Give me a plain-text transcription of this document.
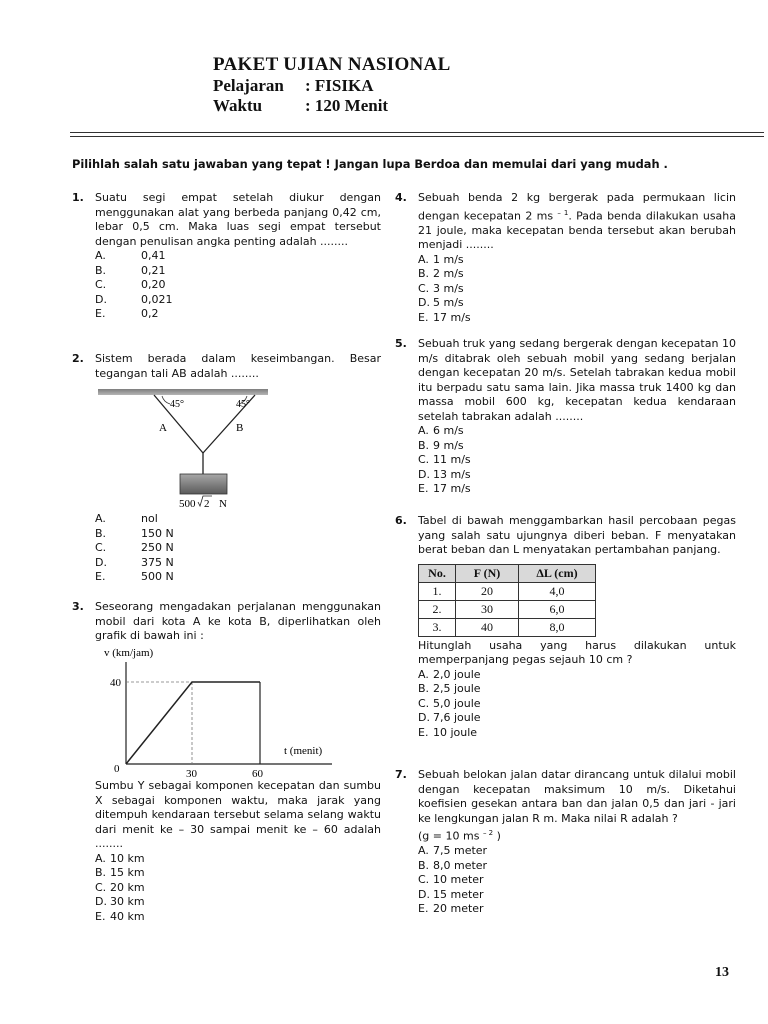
PAKET UJIAN NASIONAL
Pelajaran	: FISIKA
Waktu	: 120 Menit
Pilihlah salah satu jawaban yang tepat ! Jangan lupa Berdoa dan memulai dari yang mudah .
1. Suatu segi empat setelah diukur dengan menggunakan alat yang berbeda panjang 0,42 cm, lebar 0,5 cm. Maka luas segi empat tersebut dengan penulisan angka penting adalah ........
A.	0,41
B.	0,21
C.	0,20
D.	0,021
E.	0,2
2. Sistem berada dalam keseimbangan. Besar tegangan tali AB adalah ........
45°	45°
A	B
500 2 N
A.	nol
B.	150 N
C.	250 N
D.	375 N
E.	500 N
3. Seseorang mengadakan perjalanan menggunakan mobil dari kota A ke kota B, diperlihatkan oleh grafik di bawah ini :
v (km/jam)
40
t (menit)
0	30	60
Sumbu Y sebagai komponen kecepatan dan sumbu X sebagai komponen waktu, maka jarak yang ditempuh kendaraan tersebut selama selang waktu dari menit ke – 30 sampai menit ke – 60 adalah ........
A. 10 km
B. 15 km
C. 20 km
D. 30 km
E. 40 km
4. Sebuah benda 2 kg bergerak pada permukaan licin dengan kecepatan 2 ms $^{- 1}$. Pada benda dilakukan usaha 21 joule, maka kecepatan benda tersebut akan berubah menjadi ........
A. 1 m/s
B. 2 m/s
C. 3 m/s
D. 5 m/s
E. 17 m/s
5. Sebuah truk yang sedang bergerak dengan kecepatan 10 m/s ditabrak oleh sebuah mobil yang sedang berjalan dengan kecepatan 20 m/s. Setelah tabrakan kedua mobil itu berpadu satu sama lain. Jika massa truk 1400 kg dan massa mobil 600 kg, kecepatan kedua kendaraan setelah tabrakan adalah ........
A. 6 m/s
B. 9 m/s
C. 11 m/s
D. 13 m/s
E. 17 m/s
6. Tabel di bawah menggambarkan hasil percobaan pegas yang salah satu ujungnya diberi beban. F menyatakan berat beban dan L menyatakan pertambahan panjang.
No.	F (N)	ΔL (cm)
1.	20	4,0
2.	30	6,0
3.	40	8,0
Hitunglah usaha yang harus dilakukan untuk memperpanjang pegas sejauh 10 cm ?
A. 2,0 joule
B. 2,5 joule
C. 5,0 joule
D. 7,6 joule
E. 10 joule
7. Sebuah belokan jalan datar dirancang untuk dilalui mobil dengan kecepatan maksimum 10 m/s. Diketahui koefisien gesekan antara ban dan jalan 0,5 dan jari - jari ke lengkungan jalan R m. Maka nilai R adalah ?
(g = 10 ms $^{- 2}$ )
A. 7,5 meter
B. 8,0 meter
C. 10 meter
D. 15 meter
E. 20 meter
13
